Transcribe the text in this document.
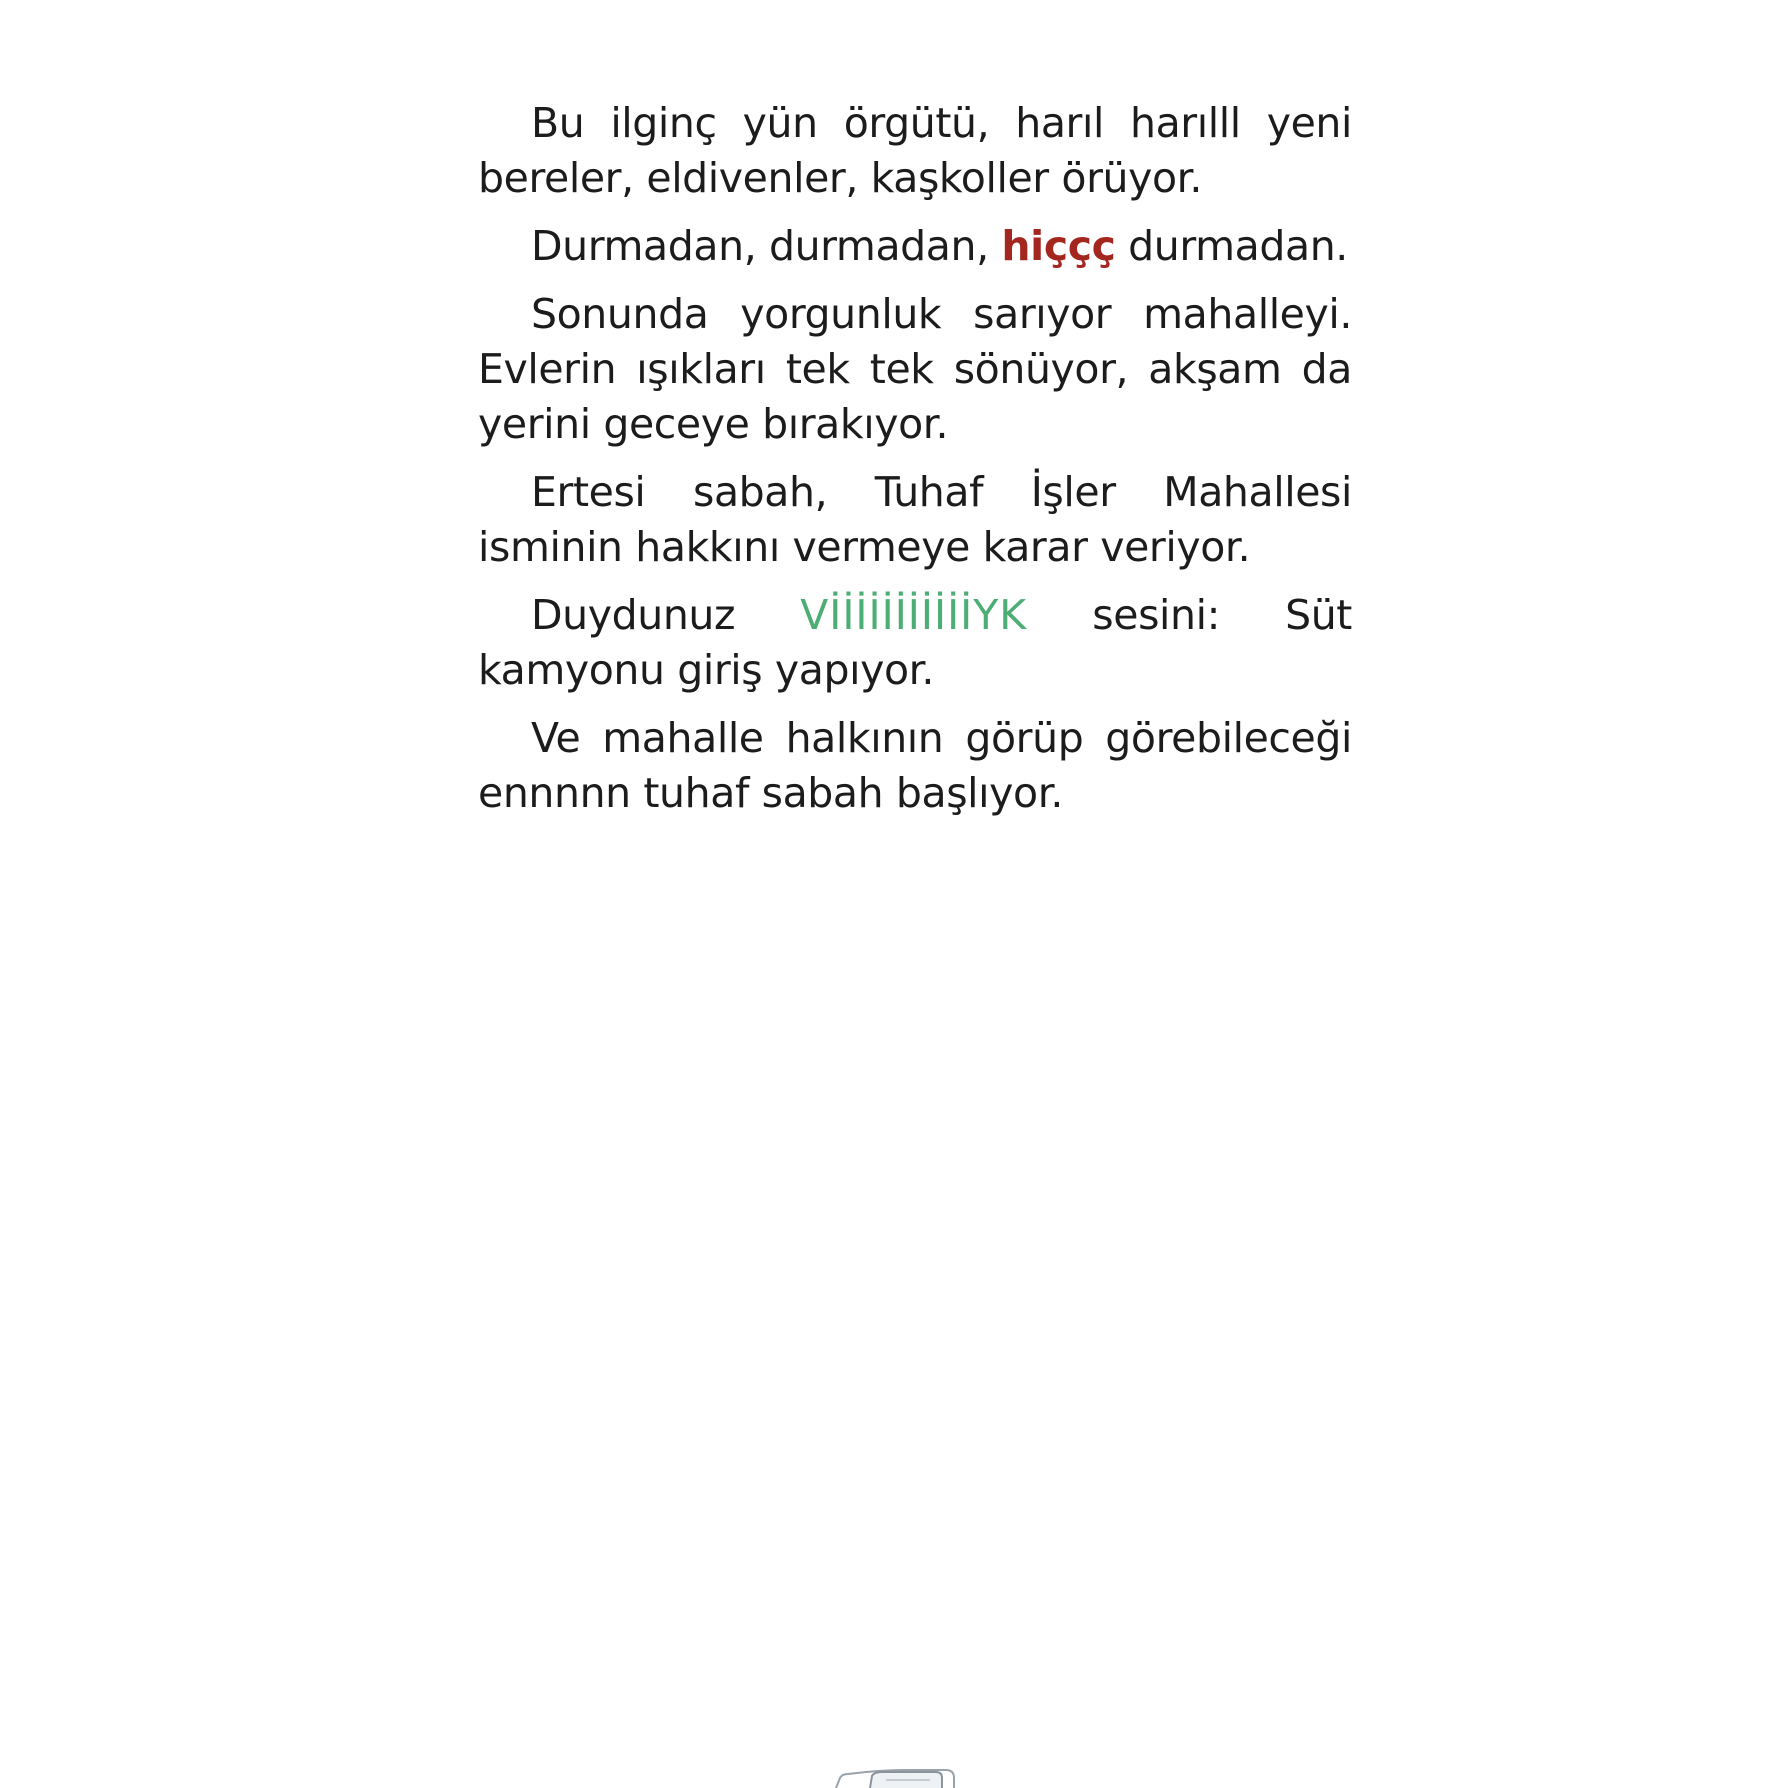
Bu ilginç yün örgütü, harıl harılll yeni bereler, eldivenler, kaşkoller örüyor.

Durmadan, durmadan, hiççç durmadan.

Sonunda yorgunluk sarıyor mahalleyi. Evlerin ışıkları tek tek sönüyor, akşam da yerini geceye bırakıyor.

Ertesi sabah, Tuhaf İşler Mahallesi isminin hakkını vermeye karar veriyor.

Duydunuz VİİİİİİİİİİİYK sesini: Süt kamyonu giriş yapıyor.

Ve mahalle halkının görüp görebileceği ennnnn tuhaf sabah başlıyor.
